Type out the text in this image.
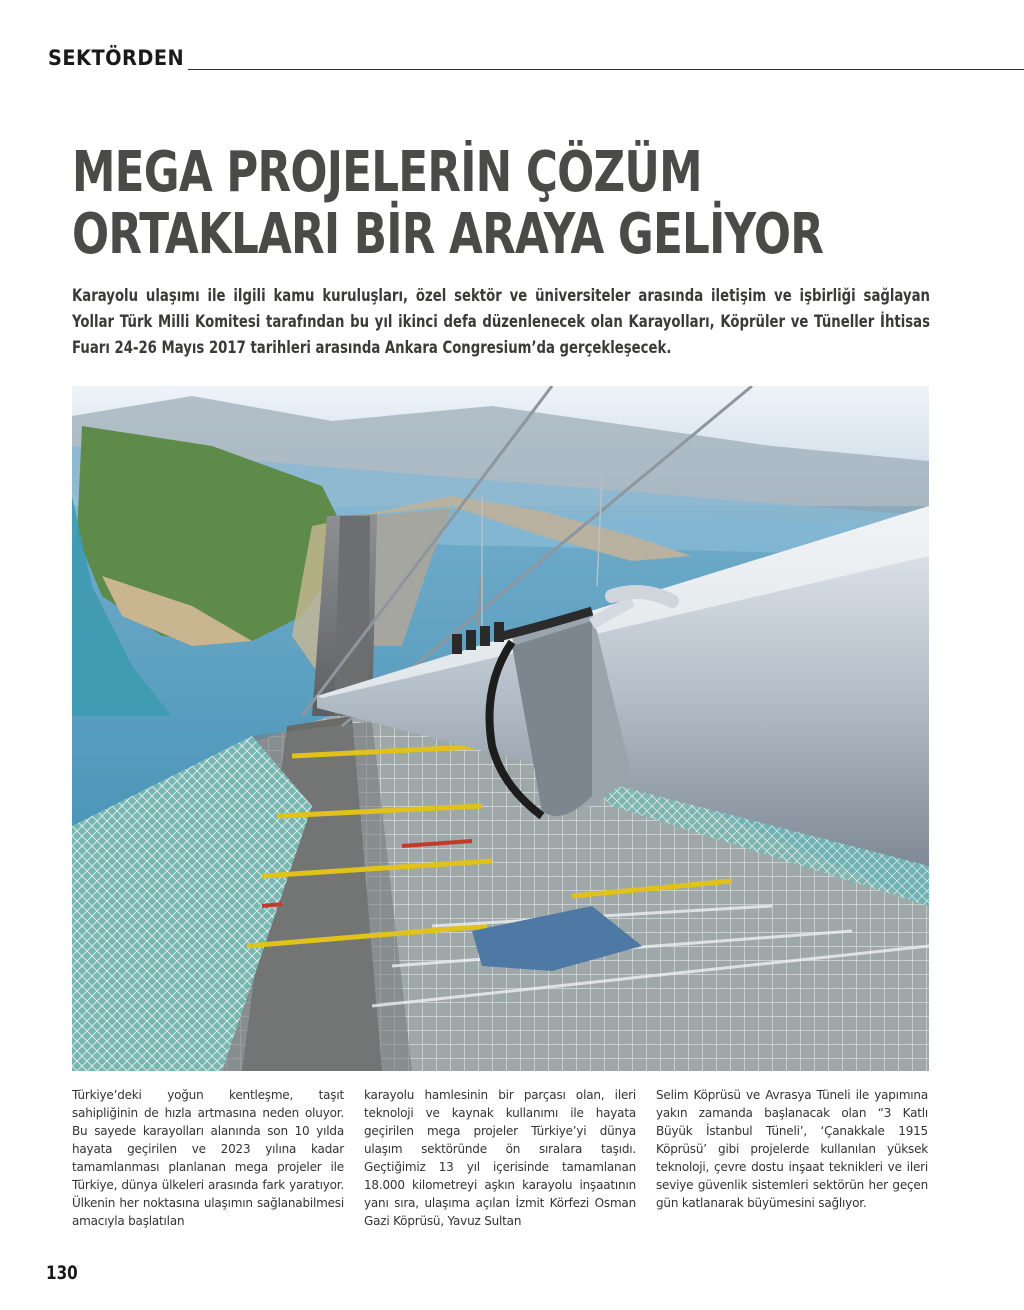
SEKTÖRDEN
MEGA PROJELERİN ÇÖZÜM
ORTAKLARI BİR ARAYA GELİYOR

Karayolu ulaşımı ile ilgili kamu kuruluşları, özel sektör ve üniversiteler arasında iletişim ve işbirliği sağlayan Yollar Türk Milli Komitesi tarafından bu yıl ikinci defa düzenlenecek olan Karayolları, Köprüler ve Tüneller İhtisas Fuarı 24-26 Mayıs 2017 tarihleri arasında Ankara Congresium’da gerçekleşecek.

Türkiye’deki yoğun kentleşme, taşıt sahipliğinin de hızla artmasına neden oluyor. Bu sayede karayolları alanında son 10 yılda hayata geçirilen ve 2023 yılına kadar tamamlanması planlanan mega projeler ile Türkiye, dünya ülkeleri arasında fark yaratıyor. Ülkenin her noktasına ulaşımın sağlanabilmesi amacıyla başlatılan

karayolu hamlesinin bir parçası olan, ileri teknoloji ve kaynak kullanımı ile hayata geçirilen mega projeler Türkiye’yi dünya ulaşım sektöründe ön sıralara taşıdı. Geçtiğimiz 13 yıl içerisinde tamamlanan 18.000 kilometreyi aşkın karayolu inşaatının yanı sıra, ulaşıma açılan İzmit Körfezi Osman Gazi Köprüsü, Yavuz Sultan

Selim Köprüsü ve Avrasya Tüneli ile yapımına yakın zamanda başlanacak olan “3 Katlı Büyük İstanbul Tüneli’, ‘Çanakkale 1915 Köprüsü’ gibi projelerde kullanılan yüksek teknoloji, çevre dostu inşaat teknikleri ve ileri seviye güvenlik sistemleri sektörün her geçen gün katlanarak büyümesini sağlıyor.

130
